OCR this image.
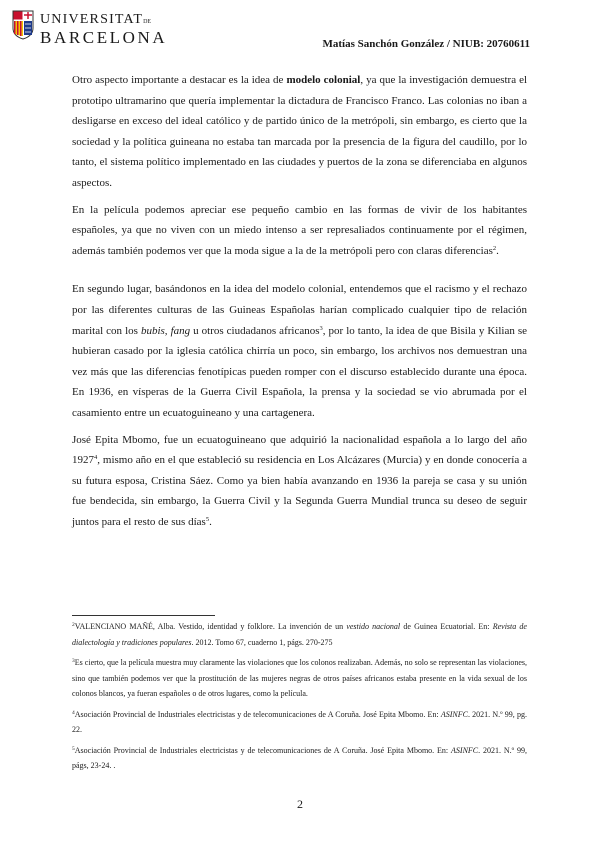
UNIVERSITATDE
BARCELONA	Matías Sanchón González / NIUB: 20760611

Otro aspecto importante a destacar es la idea de modelo colonial, ya que la investigación demuestra el prototipo ultramarino que quería implementar la dictadura de Francisco Franco. Las colonias no iban a desligarse en exceso del ideal católico y de partido único de la metrópoli, sin embargo, es cierto que la sociedad y la política guineana no estaba tan marcada por la presencia de la figura del caudillo, por lo tanto, el sistema político implementado en las ciudades y puertos de la zona se diferenciaba en algunos aspectos.

En la película podemos apreciar ese pequeño cambio en las formas de vivir de los habitantes españoles, ya que no viven con un miedo intenso a ser represaliados continuamente por el régimen, además también podemos ver que la moda sigue a la de la metrópoli pero con claras diferencias$^2$.

En segundo lugar, basándonos en la idea del modelo colonial, entendemos que el racismo y el rechazo por las diferentes culturas de las Guineas Españolas harían complicado cualquier tipo de relación marital con los bubis, fang u otros ciudadanos africanos$^3$, por lo tanto, la idea de que Bisila y Kilian se hubieran casado por la iglesia católica chirría un poco, sin embargo, los archivos nos demuestran una vez más que las diferencias fenotípicas pueden romper con el discurso establecido durante una época. En 1936, en vísperas de la Guerra Civil Española, la prensa y la sociedad se vio abrumada por el casamiento entre un ecuatoguineano y una cartagenera.

José Epita Mbomo, fue un ecuatoguineano que adquirió la nacionalidad española a lo largo del año 1927$^4$, mismo año en el que estableció su residencia en Los Alcázares (Murcia) y en donde conocería a su futura esposa, Cristina Sáez. Como ya bien había avanzando en 1936 la pareja se casa y su unión fue bendecida, sin embargo, la Guerra Civil y la Segunda Guerra Mundial trunca su deseo de seguir juntos para el resto de sus días$^5$.

$^2$VALENCIANO MAÑÉ, Alba. Vestido, identidad y folklore. La invención de un vestido nacional de Guinea Ecuatorial. En: Revista de dialectología y tradiciones populares. 2012. Tomo 67, cuaderno 1, págs. 270-275

$^3$Es cierto, que la película muestra muy claramente las violaciones que los colonos realizaban. Además, no solo se representan las violaciones, sino que también podemos ver que la prostitución de las mujeres negras de otros países africanos estaba presente en la vida sexual de los colonos blancos, ya fueran españoles o de otros lugares, como la película.

$^4$Asociación Provincial de Industriales electricistas y de telecomunicaciones de A Coruña. José Epita Mbomo. En: ASINFC. 2021. N.º 99, pg. 22.

$^5$Asociación Provincial de Industriales electricistas y de telecomunicaciones de A Coruña. José Epita Mbomo. En: ASINFC. 2021. N.º 99, págs, 23-24. .

2
